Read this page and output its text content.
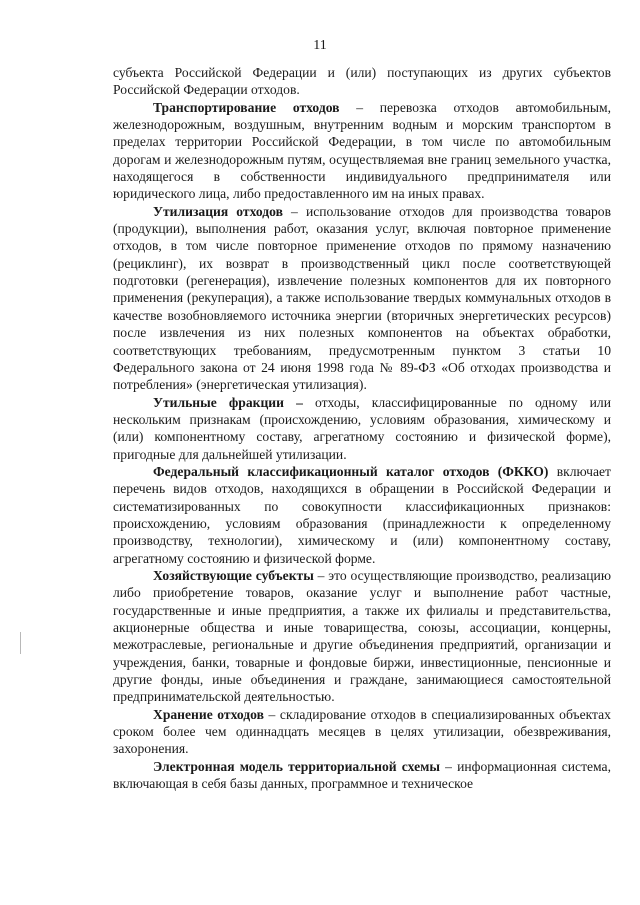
11

субъекта Российской Федерации и (или) поступающих из других субъектов Российской Федерации отходов.

Транспортирование отходов – перевозка отходов автомобильным, железнодорожным, воздушным, внутренним водным и морским транспортом в пределах территории Российской Федерации, в том числе по автомобильным дорогам и железнодорожным путям, осуществляемая вне границ земельного участка, находящегося в собственности индивидуального предпринимателя или юридического лица, либо предоставленного им на иных правах.

Утилизация отходов – использование отходов для производства товаров (продукции), выполнения работ, оказания услуг, включая повторное применение отходов, в том числе повторное применение отходов по прямому назначению (рециклинг), их возврат в производственный цикл после соответствующей подготовки (регенерация), извлечение полезных компонентов для их повторного применения (рекуперация), а также использование твердых коммунальных отходов в качестве возобновляемого источника энергии (вторичных энергетических ресурсов) после извлечения из них полезных компонентов на объектах обработки, соответствующих требованиям, предусмотренным пунктом 3 статьи 10 Федерального закона от 24 июня 1998 года № 89-ФЗ «Об отходах производства и потребления» (энергетическая утилизация).

Утильные фракции – отходы, классифицированные по одному или нескольким признакам (происхождению, условиям образования, химическому и (или) компонентному составу, агрегатному состоянию и физической форме), пригодные для дальнейшей утилизации.

Федеральный классификационный каталог отходов (ФККО) включает перечень видов отходов, находящихся в обращении в Российской Федерации и систематизированных по совокупности классификационных признаков: происхождению, условиям образования (принадлежности к определенному производству, технологии), химическому и (или) компонентному составу, агрегатному состоянию и физической форме.

Хозяйствующие субъекты – это осуществляющие производство, реализацию либо приобретение товаров, оказание услуг и выполнение работ частные, государственные и иные предприятия, а также их филиалы и представительства, акционерные общества и иные товарищества, союзы, ассоциации, концерны, межотраслевые, региональные и другие объединения предприятий, организации и учреждения, банки, товарные и фондовые биржи, инвестиционные, пенсионные и другие фонды, иные объединения и граждане, занимающиеся самостоятельной предпринимательской деятельностью.

Хранение отходов – складирование отходов в специализированных объектах сроком более чем одиннадцать месяцев в целях утилизации, обезвреживания, захоронения.

Электронная модель территориальной схемы – информационная система, включающая в себя базы данных, программное и техническое
